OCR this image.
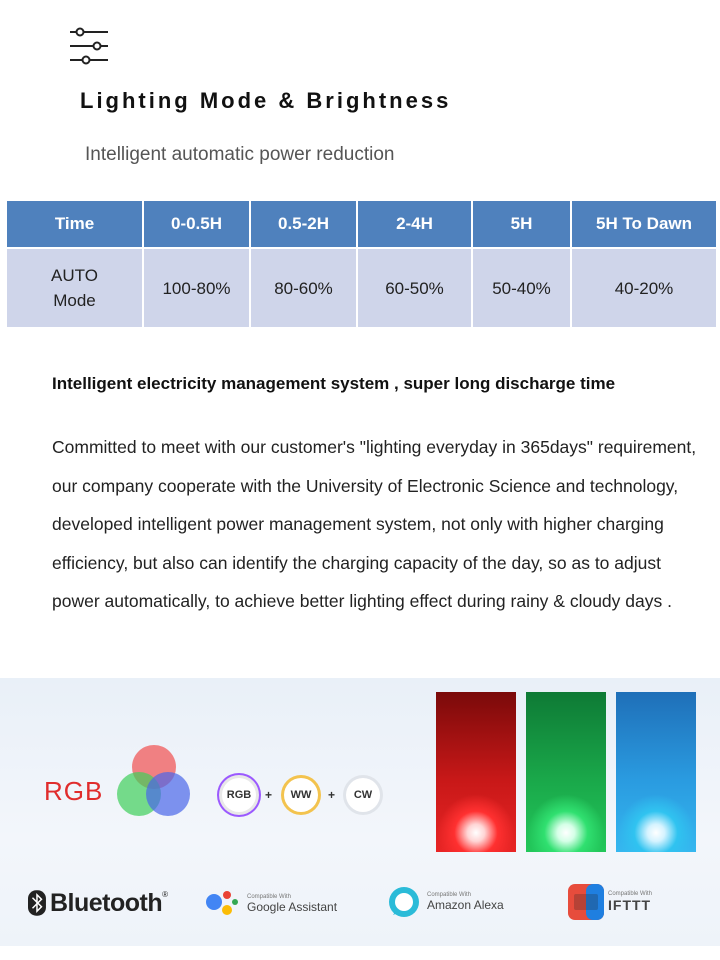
Lighting Mode & Brightness
Intelligent automatic power reduction
Time	0-0.5H	0.5-2H	2-4H	5H	5H To Dawn

AUTO
Mode	100-80%	80-60%	60-50%	50-40%	40-20%
Intelligent electricity management system , super long discharge time
Committed to meet with our customer's "lighting everyday in 365days" requirement, our company cooperate with the University of Electronic Science and technology, developed intelligent power management system, not only with higher charging efficiency, but also can identify the charging capacity of the day, so as to adjust power automatically, to achieve better lighting effect during rainy & cloudy days .
RGB	RGB	+	WW	+	CW
Bluetooth ®	Compatible With
Google Assistant
Compatible With
Amazon Alexa
Compatible With
IFTTT
